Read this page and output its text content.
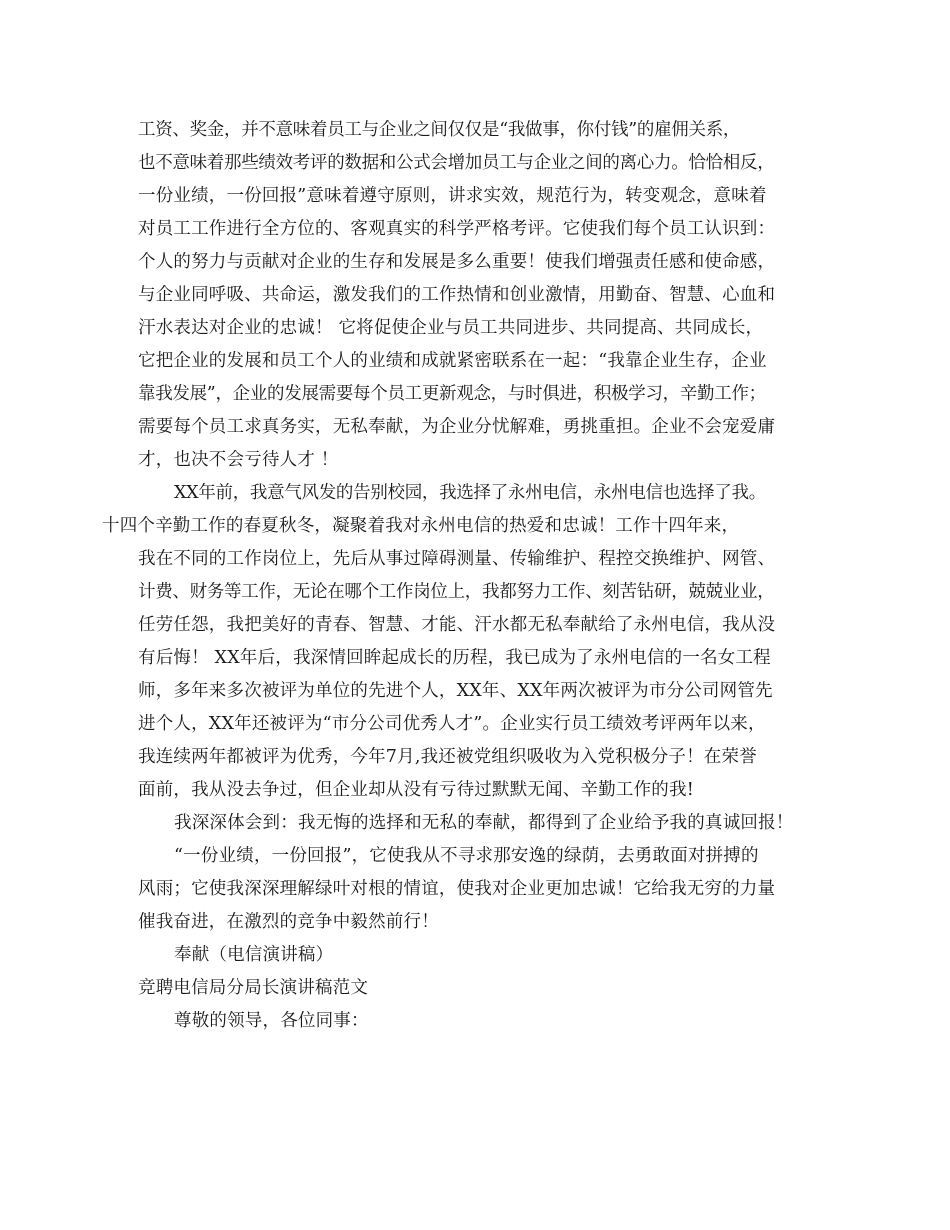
工资、奖金，并不意味着员工与企业之间仅仅是“我做事，你付钱”的雇佣关系，
也不意味着那些绩效考评的数据和公式会增加员工与企业之间的离心力。恰恰相反，
一份业绩，一份回报”意味着遵守原则，讲求实效，规范行为，转变观念，意味着
对员工工作进行全方位的、客观真实的科学严格考评。它使我们每个员工认识到：
个人的努力与贡献对企业的生存和发展是多么重要！使我们增强责任感和使命感，
与企业同呼吸、共命运，激发我们的工作热情和创业激情，用勤奋、智慧、心血和
汗水表达对企业的忠诚！ 它将促使企业与员工共同进步、共同提高、共同成长，
它把企业的发展和员工个人的业绩和成就紧密联系在一起：“我靠企业生存，企业
靠我发展”，企业的发展需要每个员工更新观念，与时俱进，积极学习，辛勤工作；
需要每个员工求真务实，无私奉献，为企业分忧解难，勇挑重担。企业不会宠爱庸
才，也决不会亏待人才 ！
XX年前，我意气风发的告别校园，我选择了永州电信，永州电信也选择了我。
十四个辛勤工作的春夏秋冬，凝聚着我对永州电信的热爱和忠诚！工作十四年来，
我在不同的工作岗位上，先后从事过障碍测量、传输维护、程控交换维护、网管、
计费、财务等工作，无论在哪个工作岗位上，我都努力工作、刻苦钻研，兢兢业业，
任劳任怨，我把美好的青春、智慧、才能、汗水都无私奉献给了永州电信，我从没
有后悔！ XX年后，我深情回眸起成长的历程，我已成为了永州电信的一名女工程
师，多年来多次被评为单位的先进个人，XX年、XX年两次被评为市分公司网管先
进个人，XX年还被评为“市分公司优秀人才”。企业实行员工绩效考评两年以来，
我连续两年都被评为优秀，今年7月,我还被党组织吸收为入党积极分子！在荣誉
面前，我从没去争过，但企业却从没有亏待过默默无闻、辛勤工作的我!
我深深体会到：我无悔的选择和无私的奉献，都得到了企业给予我的真诚回报！
“一份业绩，一份回报”，它使我从不寻求那安逸的绿荫，去勇敢面对拼搏的
风雨；它使我深深理解绿叶对根的情谊，使我对企业更加忠诚！它给我无穷的力量
催我奋进，在激烈的竞争中毅然前行！
奉献（电信演讲稿）
竞聘电信局分局长演讲稿范文
尊敬的领导，各位同事：
